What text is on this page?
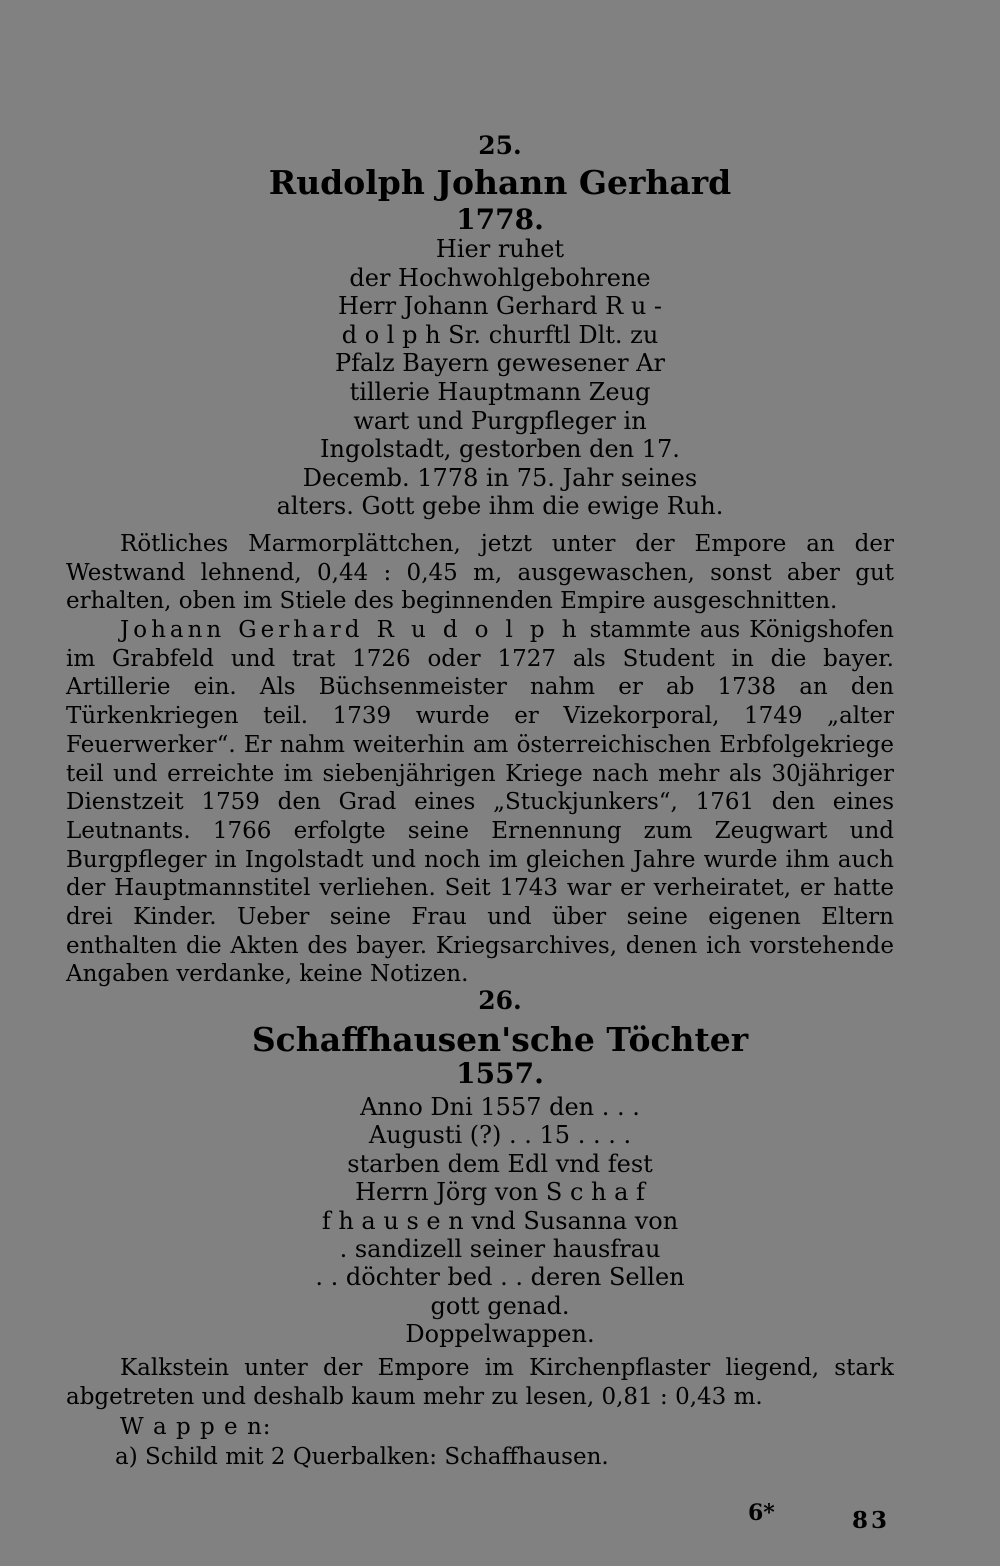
25.
Rudolph Johann Gerhard
1778.
Hier ruhet
der Hochwohlgebohrene
Herr Johann Gerhard R u -
d o l p h Sr. churftl Dlt. zu
Pfalz Bayern gewesener Ar
tillerie Hauptmann Zeug
wart und Purgpfleger in
Ingolstadt, gestorben den 17.
Decemb. 1778 in 75. Jahr seines
alters. Gott gebe ihm die ewige Ruh.

Rötliches Marmorplättchen, jetzt unter der Empore an der Westwand lehnend, 0,44 : 0,45 m, ausgewaschen, sonst aber gut erhalten, oben im Stiele des beginnenden Empire ausgeschnitten.

Johann Gerhard R u d o l p h stammte aus Königshofen im Grabfeld und trat 1726 oder 1727 als Student in die bayer. Artillerie ein. Als Büchsenmeister nahm er ab 1738 an den Türkenkriegen teil. 1739 wurde er Vizekorporal, 1749 „alter Feuerwerker“. Er nahm weiterhin am österreichischen Erbfolgekriege teil und erreichte im siebenjährigen Kriege nach mehr als 30jähriger Dienstzeit 1759 den Grad eines „Stuckjunkers“, 1761 den eines Leutnants. 1766 erfolgte seine Ernennung zum Zeugwart und Burgpfleger in Ingolstadt und noch im gleichen Jahre wurde ihm auch der Hauptmannstitel verliehen. Seit 1743 war er verheiratet, er hatte drei Kinder. Ueber seine Frau und über seine eigenen Eltern enthalten die Akten des bayer. Kriegsarchives, denen ich vorstehende Angaben verdanke, keine Notizen.

26.
Schaffhausen'sche Töchter
1557.
Anno Dni 1557 den . . .
Augusti (?) . . 15 . . . .
starben dem Edl vnd fest
Herrn Jörg von S c h a f
f h a u s e n vnd Susanna von
. sandizell seiner hausfrau
. . döchter bed . . deren Sellen
gott genad.
Doppelwappen.

Kalkstein unter der Empore im Kirchenpflaster liegend, stark abgetreten und deshalb kaum mehr zu lesen, 0,81 : 0,43 m.

W a p p e n:

a) Schild mit 2 Querbalken: Schaffhausen.

6*	83
